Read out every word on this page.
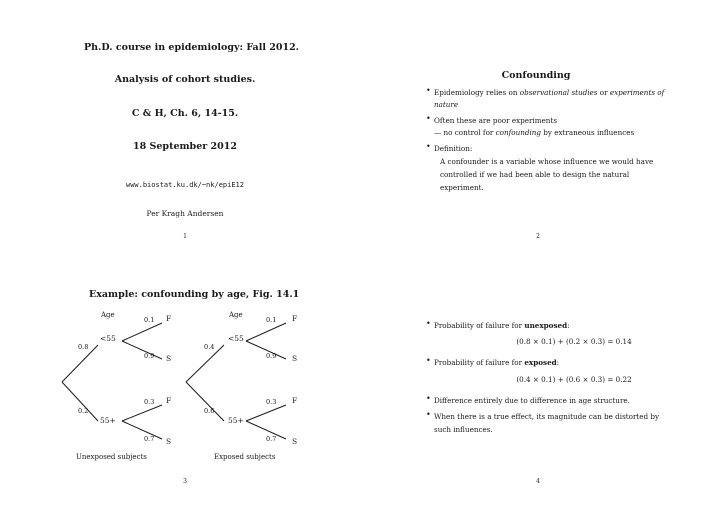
Ph.D. course in epidemiology: Fall 2012.
Analysis of cohort studies.
C & H, Ch. 6, 14-15.
18 September 2012
www.biostat.ku.dk/~nk/epiE12
Per Kragh Andersen
1
Confounding
• Epidemiology relies on observational studies or experiments of
nature
• Often these are poor experiments
— no control for confounding by extraneous influences
• Definition:
A confounder is a variable whose influence we would have
controlled if we had been able to design the natural
experiment.
2
Example: confounding by age, Fig. 14.1
Age
0.1 F
<55
0.8
0.9 S
0.3 F
0.2
55+
0.7 S
Unexposed subjects
Age
0.1 F
<55
0.4
0.9 S
0.3 F
0.6
55+
0.7 S
Exposed subjects
3
• Probability of failure for unexposed:
(0.8 × 0.1) + (0.2 × 0.3) = 0.14
• Probability of failure for exposed:
(0.4 × 0.1) + (0.6 × 0.3) = 0.22
• Difference entirely due to difference in age structure.
• When there is a true effect, its magnitude can be distorted by
such influences.
4
